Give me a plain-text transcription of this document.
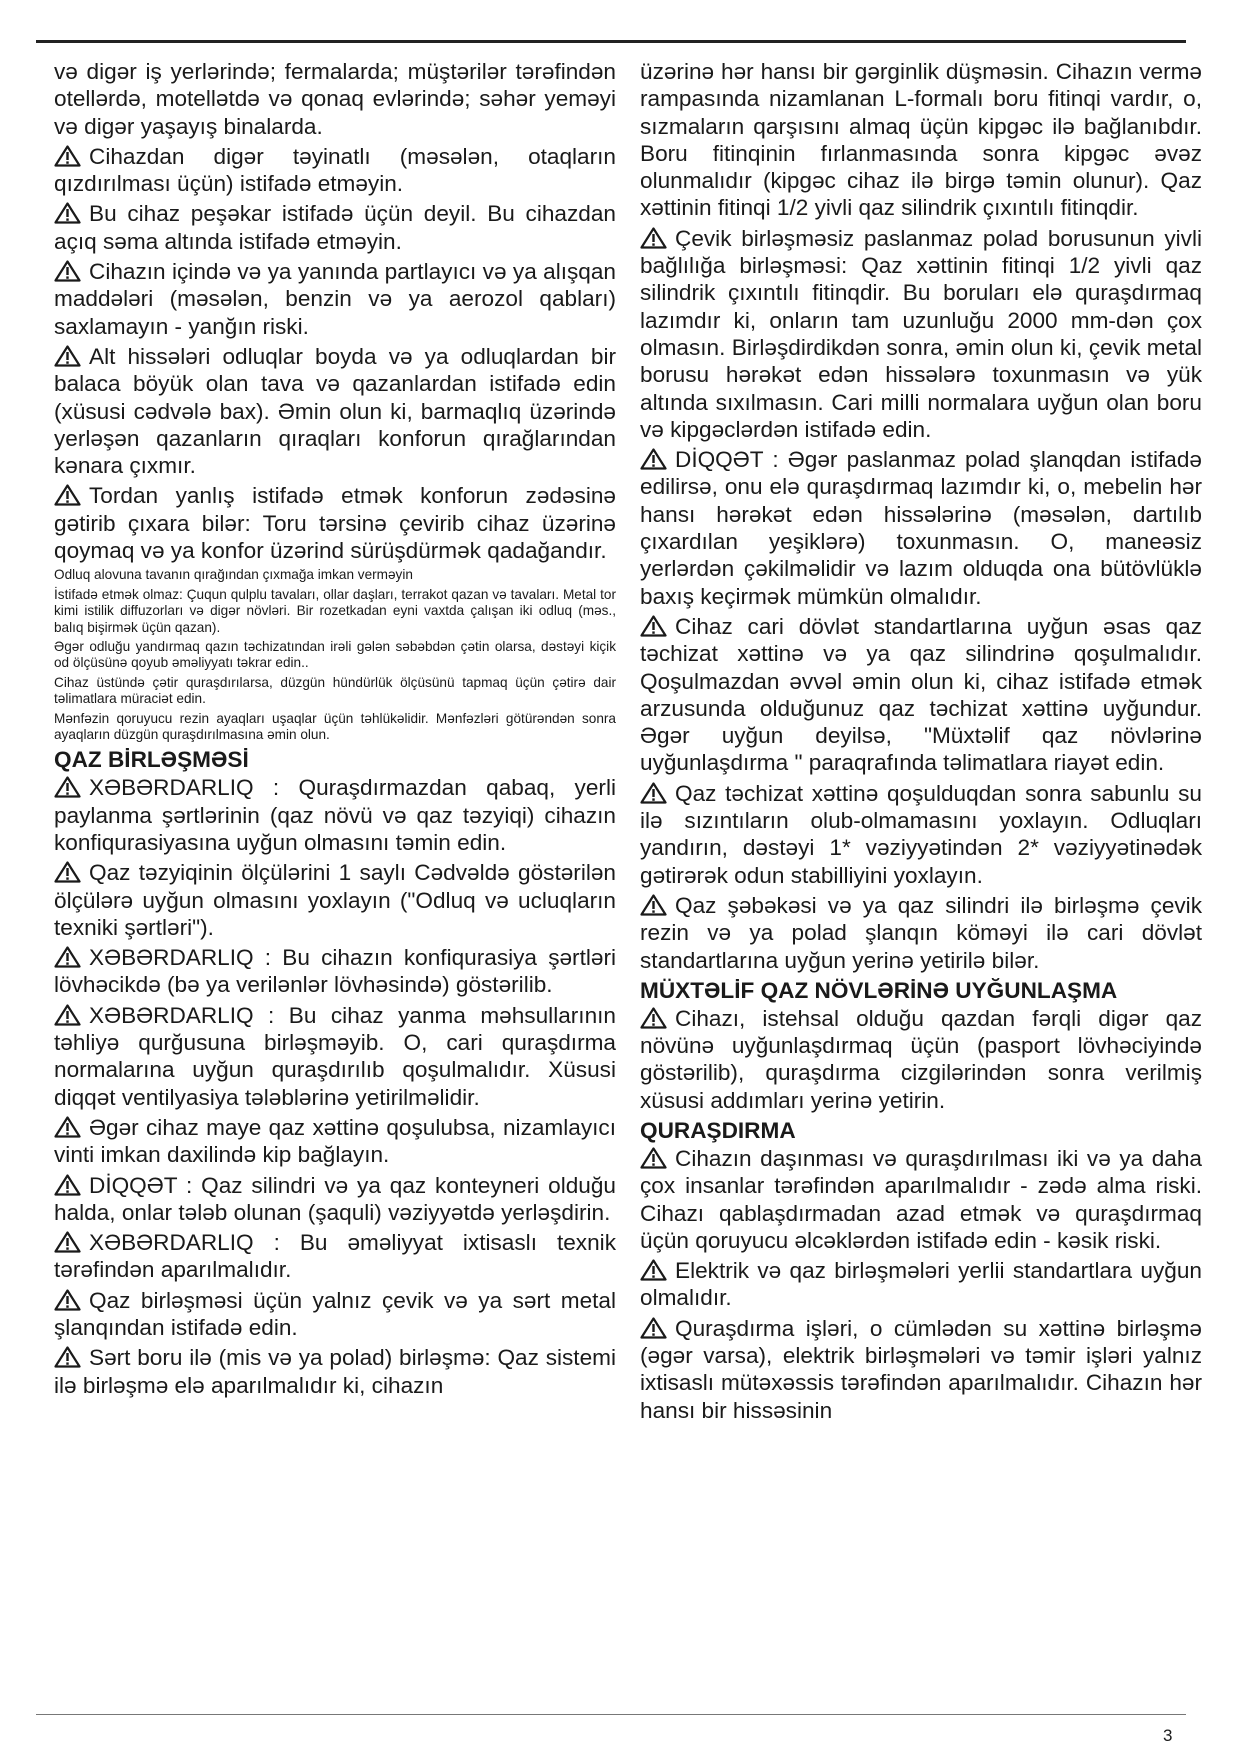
və digər iş yerlərində; fermalarda; müştərilər tərəfindən otellərdə, motellətdə və qonaq evlərində; səhər yeməyi və digər yaşayış binalarda.

Cihazdan digər təyinatlı (məsələn, otaqların qızdırılması üçün) istifadə etməyin.

Bu cihaz peşəkar istifadə üçün deyil. Bu cihazdan açıq səma altında istifadə etməyin.

Cihazın içində və ya yanında partlayıcı və ya alışqan maddələri (məsələn, benzin və ya aerozol qabları) saxlamayın - yanğın riski.

Alt hissələri odluqlar boyda və ya odluqlardan bir balaca böyük olan tava və qazanlardan istifadə edin (xüsusi cədvələ bax). Əmin olun ki, barmaqlıq üzərində yerləşən qazanların qıraqları konforun qırağlarından kənara çıxmır.

Tordan yanlış istifadə etmək konforun zədəsinə gətirib çıxara bilər: Toru tərsinə çevirib cihaz üzərinə qoymaq və ya konfor üzərind sürüşdürmək qadağandır.

Odluq alovuna tavanın qırağından çıxmağa imkan verməyin

İstifadə etmək olmaz: Çuqun qulplu tavaları, ollar daşları, terrakot qazan və tavaları. Metal tor kimi istilik diffuzorları və digər növləri. Bir rozetkadan eyni vaxtda çalışan iki odluq (məs., balıq bişirmək üçün qazan).

Əgər odluğu yandırmaq qazın təchizatından irəli gələn səbəbdən çətin olarsa, dəstəyi kiçik od ölçüsünə qoyub əməliyyatı təkrar edin..

Cihaz üstündə çətir quraşdırılarsa, düzgün hündürlük ölçüsünü tapmaq üçün çətirə dair təlimatlara müraciət edin.

Mənfəzin qoruyucu rezin ayaqları uşaqlar üçün təhlükəlidir. Mənfəzləri götürəndən sonra ayaqların düzgün quraşdırılmasına əmin olun.

QAZ BİRLƏŞMƏSİ

XƏBƏRDARLIQ : Quraşdırmazdan qabaq, yerli paylanma şərtlərinin (qaz növü və qaz təzyiqi) cihazın konfiqurasiyasına uyğun olmasını təmin edin.

Qaz təzyiqinin ölçülərini 1 saylı Cədvəldə göstərilən ölçülərə uyğun olmasını yoxlayın ("Odluq və ucluqların texniki şərtləri").

XƏBƏRDARLIQ : Bu cihazın konfiqurasiya şərtləri lövhəcikdə (bə ya verilənlər lövhəsində) göstərilib.

XƏBƏRDARLIQ : Bu cihaz yanma məhsullarının təhliyə qurğusuna birləşməyib. O, cari quraşdırma normalarına uyğun quraşdırılıb qoşulmalıdır. Xüsusi diqqət ventilyasiya tələblərinə yetirilməlidir.

Əgər cihaz maye qaz xəttinə qoşulubsa, nizamlayıcı vinti imkan daxilində kip bağlayın.

DİQQƏT : Qaz silindri və ya qaz konteyneri olduğu halda, onlar tələb olunan (şaquli) vəziyyətdə yerləşdirin.

XƏBƏRDARLIQ : Bu əməliyyat ixtisaslı texnik tərəfindən aparılmalıdır.

Qaz birləşməsi üçün yalnız çevik və ya sərt metal şlanqından istifadə edin.

Sərt boru ilə (mis və ya polad) birləşmə: Qaz sistemi ilə birləşmə elə aparılmalıdır ki, cihazın

üzərinə hər hansı bir gərginlik düşməsin. Cihazın vermə rampasında nizamlanan L-formalı boru fitinqi vardır, o, sızmaların qarşısını almaq üçün kipgəc ilə bağlanıbdır. Boru fitinqinin fırlanmasında sonra kipgəc əvəz olunmalıdır (kipgəc cihaz ilə birgə təmin olunur). Qaz xəttinin fitinqi 1/2 yivli qaz silindrik çıxıntılı fitinqdir.

Çevik birləşməsiz paslanmaz polad borusunun yivli bağlılığa birləşməsi: Qaz xəttinin fitinqi 1/2 yivli qaz silindrik çıxıntılı fitinqdir. Bu boruları elə quraşdırmaq lazımdır ki, onların tam uzunluğu 2000 mm-dən çox olmasın. Birləşdirdikdən sonra, əmin olun ki, çevik metal borusu hərəkət edən hissələrə toxunmasın və yük altında sıxılmasın. Cari milli normalara uyğun olan boru və kipgəclərdən istifadə edin.

DİQQƏT : Əgər paslanmaz polad şlanqdan istifadə edilirsə, onu elə quraşdırmaq lazımdır ki, o, mebelin hər hansı hərəkət edən hissələrinə (məsələn, dartılıb çıxardılan yeşiklərə) toxunmasın. O, maneəsiz yerlərdən çəkilməlidir və lazım olduqda ona bütövlüklə baxış keçirmək mümkün olmalıdır.

Cihaz cari dövlət standartlarına uyğun əsas qaz təchizat xəttinə və ya qaz silindrinə qoşulmalıdır. Qoşulmazdan əvvəl əmin olun ki, cihaz istifadə etmək arzusunda olduğunuz qaz təchizat xəttinə uyğundur. Əgər uyğun deyilsə, "Müxtəlif qaz növlərinə uyğunlaşdırma " paraqrafında təlimatlara riayət edin.

Qaz təchizat xəttinə qoşulduqdan sonra sabunlu su ilə sızıntıların olub-olmamasını yoxlayın. Odluqları yandırın, dəstəyi 1* vəziyyətindən 2* vəziyyətinədək gətirərək odun stabilliyini yoxlayın.

Qaz şəbəkəsi və ya qaz silindri ilə birləşmə çevik rezin və ya polad şlanqın köməyi ilə cari dövlət standartlarına uyğun yerinə yetirilə bilər.

MÜXTƏLİF QAZ NÖVLƏRİNƏ UYĞUNLAŞMA

Cihazı, istehsal olduğu qazdan fərqli digər qaz növünə uyğunlaşdırmaq üçün (pasport lövhəciyində göstərilib), quraşdırma cizgilərindən sonra verilmiş xüsusi addımları yerinə yetirin.

QURAŞDIRMA

Cihazın daşınması və quraşdırılması iki və ya daha çox insanlar tərəfindən aparılmalıdır - zədə alma riski. Cihazı qablaşdırmadan azad etmək və quraşdırmaq üçün qoruyucu əlcəklərdən istifadə edin - kəsik riski.

Elektrik və qaz birləşmələri yerlii standartlara uyğun olmalıdır.

Quraşdırma işləri, o cümlədən su xəttinə birləşmə (əgər varsa), elektrik birləşmələri və təmir işləri yalnız ixtisaslı mütəxəssis tərəfindən aparılmalıdır. Cihazın hər hansı bir hissəsinin

3
